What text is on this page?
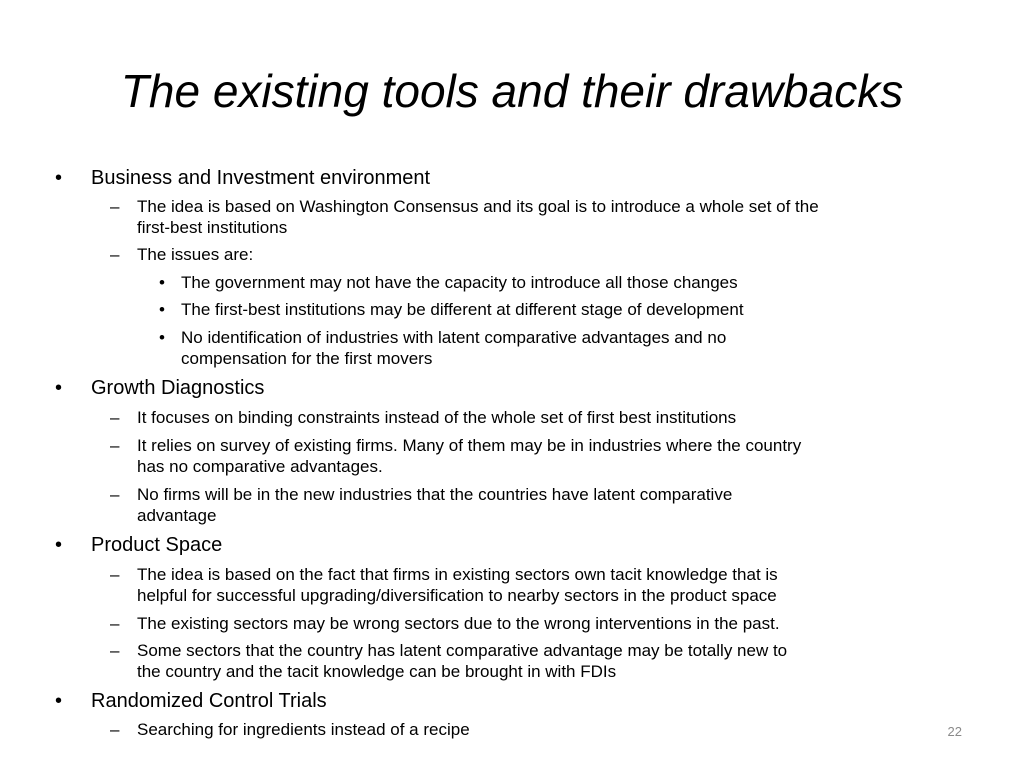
The existing tools and their drawbacks
• Business and Investment environment
– The idea is based on Washington Consensus and its goal is to introduce a whole set of the
first-best institutions
– The issues are:
• The government may not have the capacity to introduce all those changes
• The first-best institutions may be different at different stage of development
• No identification of industries with latent comparative advantages and no
compensation for the first movers
• Growth Diagnostics
– It focuses on binding constraints instead of the whole set of first best institutions
– It relies on survey of existing firms. Many of them may be in industries where the country
has no comparative advantages.
– No firms will be in the new industries that the countries have latent comparative
advantage
• Product Space
– The idea is based on the fact that firms in existing sectors own tacit knowledge that is
helpful for successful upgrading/diversification to nearby sectors in the product space
– The existing sectors may be wrong sectors due to the wrong interventions in the past.
– Some sectors that the country has latent comparative advantage may be totally new to
the country and the tacit knowledge can be brought in with FDIs
• Randomized Control Trials
– Searching for ingredients instead of a recipe	22
